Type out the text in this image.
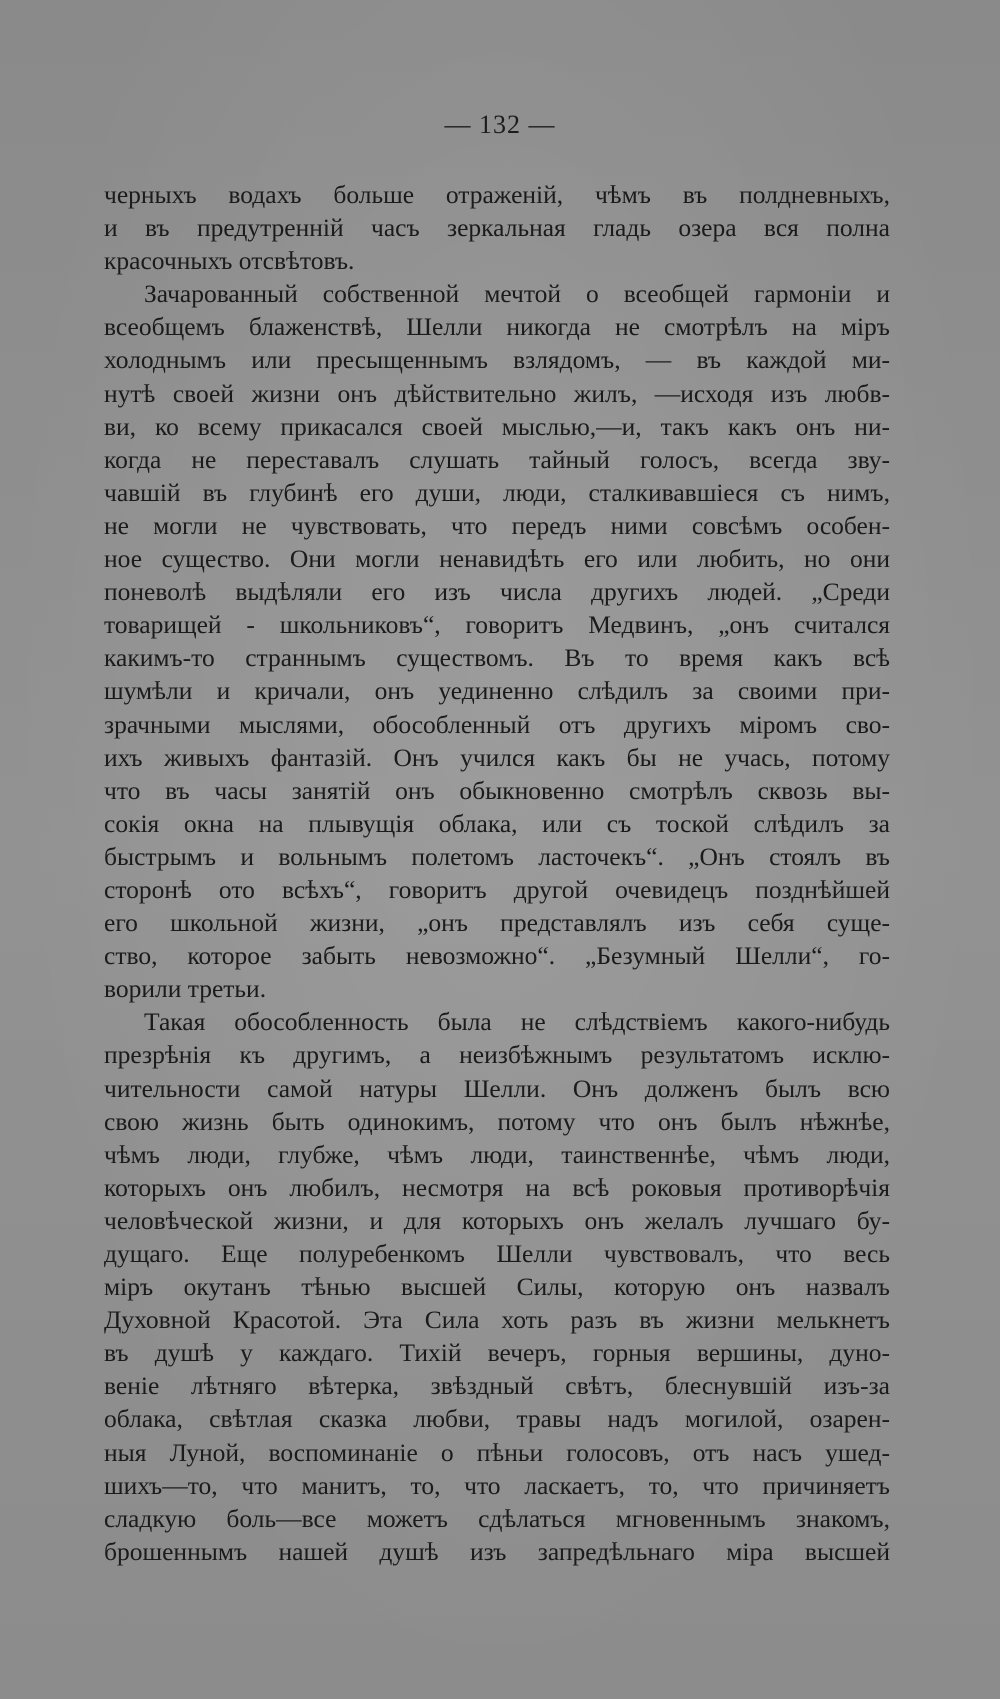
— 132 —
черныхъ водахъ больше отраженій, чѣмъ въ полдневныхъ,
и въ предутренній часъ зеркальная гладь озера вся полна
красочныхъ отсвѣтовъ.
Зачарованный собственной мечтой о всеобщей гармоніи и
всеобщемъ блаженствѣ, Шелли никогда не смотрѣлъ на міръ
холоднымъ или пресыщеннымъ взлядомъ, — въ каждой ми-
нутѣ своей жизни онъ дѣйствительно жилъ, —исходя изъ любв-
ви, ко всему прикасался своей мыслью,—и, такъ какъ онъ ни-
когда не переставалъ слушать тайный голосъ, всегда зву-
чавшій въ глубинѣ его души, люди, сталкивавшіеся съ нимъ,
не могли не чувствовать, что передъ ними совсѣмъ особен-
ное существо. Они могли ненавидѣть его или любить, но они
поневолѣ выдѣляли его изъ числа другихъ людей. „Среди
товарищей - школьниковъ“, говоритъ Медвинъ, „онъ считался
какимъ-то страннымъ существомъ. Въ то время какъ всѣ
шумѣли и кричали, онъ уединенно слѣдилъ за своими при-
зрачными мыслями, обособленный отъ другихъ міромъ сво-
ихъ живыхъ фантазій. Онъ учился какъ бы не учась, потому
что въ часы занятій онъ обыкновенно смотрѣлъ сквозь вы-
сокія окна на плывущія облака, или съ тоской слѣдилъ за
быстрымъ и вольнымъ полетомъ ласточекъ“. „Онъ стоялъ въ
сторонѣ ото всѣхъ“, говоритъ другой очевидецъ позднѣйшей
его школьной жизни, „онъ представлялъ изъ себя суще-
ство, которое забыть невозможно“. „Безумный Шелли“, го-
ворили третьи.
Такая обособленность была не слѣдствіемъ какого-нибудь
презрѣнія къ другимъ, а неизбѣжнымъ результатомъ исклю-
чительности самой натуры Шелли. Онъ долженъ былъ всю
свою жизнь быть одинокимъ, потому что онъ былъ нѣжнѣе,
чѣмъ люди, глубже, чѣмъ люди, таинственнѣе, чѣмъ люди,
которыхъ онъ любилъ, несмотря на всѣ роковыя противорѣчія
человѣческой жизни, и для которыхъ онъ желалъ лучшаго бу-
дущаго. Еще полуребенкомъ Шелли чувствовалъ, что весь
міръ окутанъ тѣнью высшей Силы, которую онъ назвалъ
Духовной Красотой. Эта Сила хоть разъ въ жизни мелькнетъ
въ душѣ у каждаго. Тихій вечеръ, горныя вершины, дуно-
веніе лѣтняго вѣтерка, звѣздный свѣтъ, блеснувшій изъ-за
облака, свѣтлая сказка любви, травы надъ могилой, озарен-
ныя Луной, воспоминаніе о пѣньи голосовъ, отъ насъ ушед-
шихъ—то, что манитъ, то, что ласкаетъ, то, что причиняетъ
сладкую боль—все можетъ сдѣлаться мгновеннымъ знакомъ,
брошеннымъ нашей душѣ изъ запредѣльнаго міра высшей
